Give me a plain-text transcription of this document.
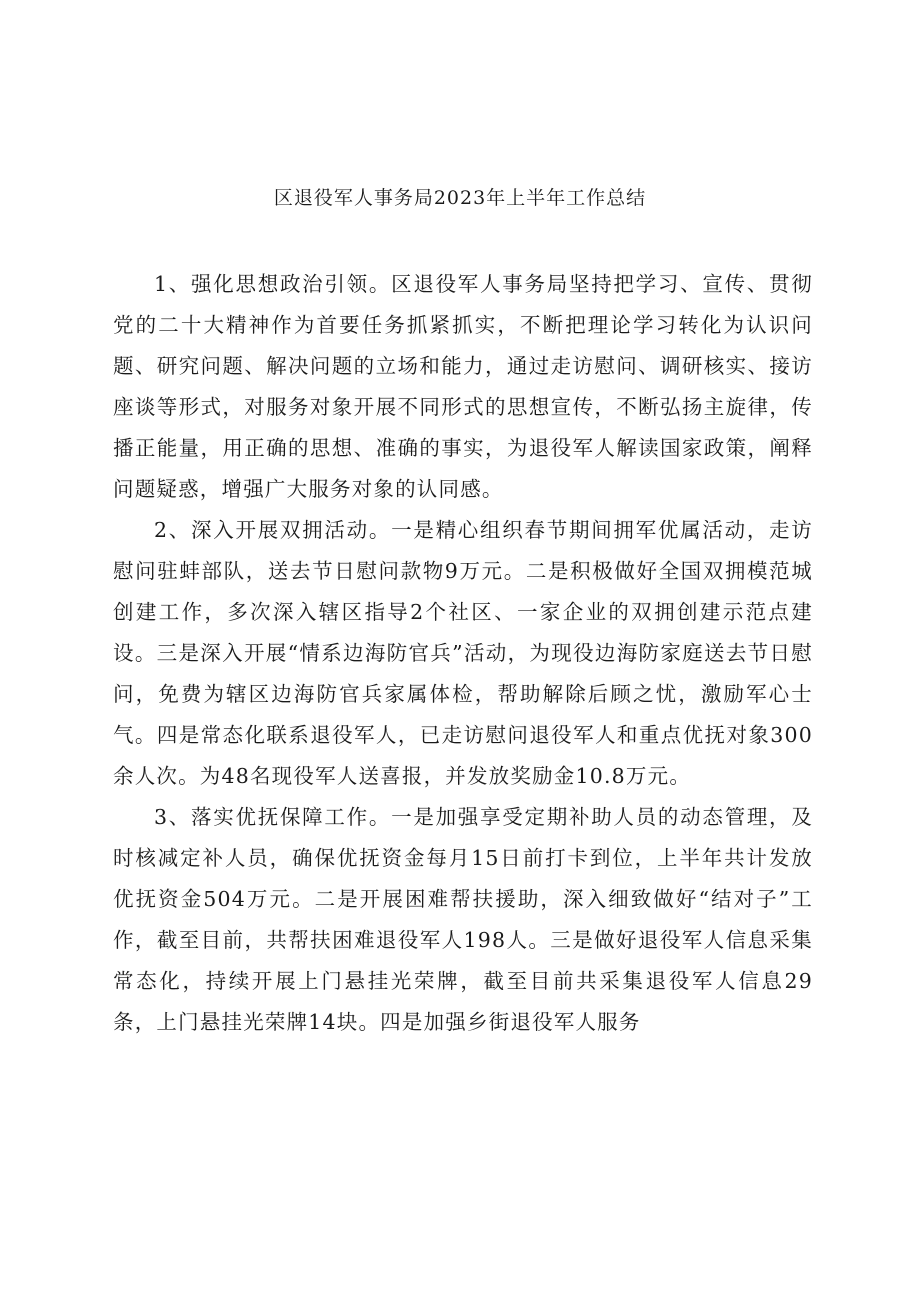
区退役军人事务局2023年上半年工作总结

1、强化思想政治引领。区退役军人事务局坚持把学习、宣传、贯彻党的二十大精神作为首要任务抓紧抓实，不断把理论学习转化为认识问题、研究问题、解决问题的立场和能力，通过走访慰问、调研核实、接访座谈等形式，对服务对象开展不同形式的思想宣传，不断弘扬主旋律，传播正能量，用正确的思想、准确的事实，为退役军人解读国家政策，阐释问题疑惑，增强广大服务对象的认同感。

2、深入开展双拥活动。一是精心组织春节期间拥军优属活动，走访慰问驻蚌部队，送去节日慰问款物9万元。二是积极做好全国双拥模范城创建工作，多次深入辖区指导2个社区、一家企业的双拥创建示范点建设。三是深入开展“情系边海防官兵”活动，为现役边海防家庭送去节日慰问，免费为辖区边海防官兵家属体检，帮助解除后顾之忧，激励军心士气。四是常态化联系退役军人，已走访慰问退役军人和重点优抚对象300余人次。为48名现役军人送喜报，并发放奖励金10.8万元。

3、落实优抚保障工作。一是加强享受定期补助人员的动态管理，及时核减定补人员，确保优抚资金每月15日前打卡到位，上半年共计发放优抚资金504万元。二是开展困难帮扶援助，深入细致做好“结对子”工作，截至目前，共帮扶困难退役军人198人。三是做好退役军人信息采集常态化，持续开展上门悬挂光荣牌，截至目前共采集退役军人信息29条，上门悬挂光荣牌14块。四是加强乡街退役军人服务
